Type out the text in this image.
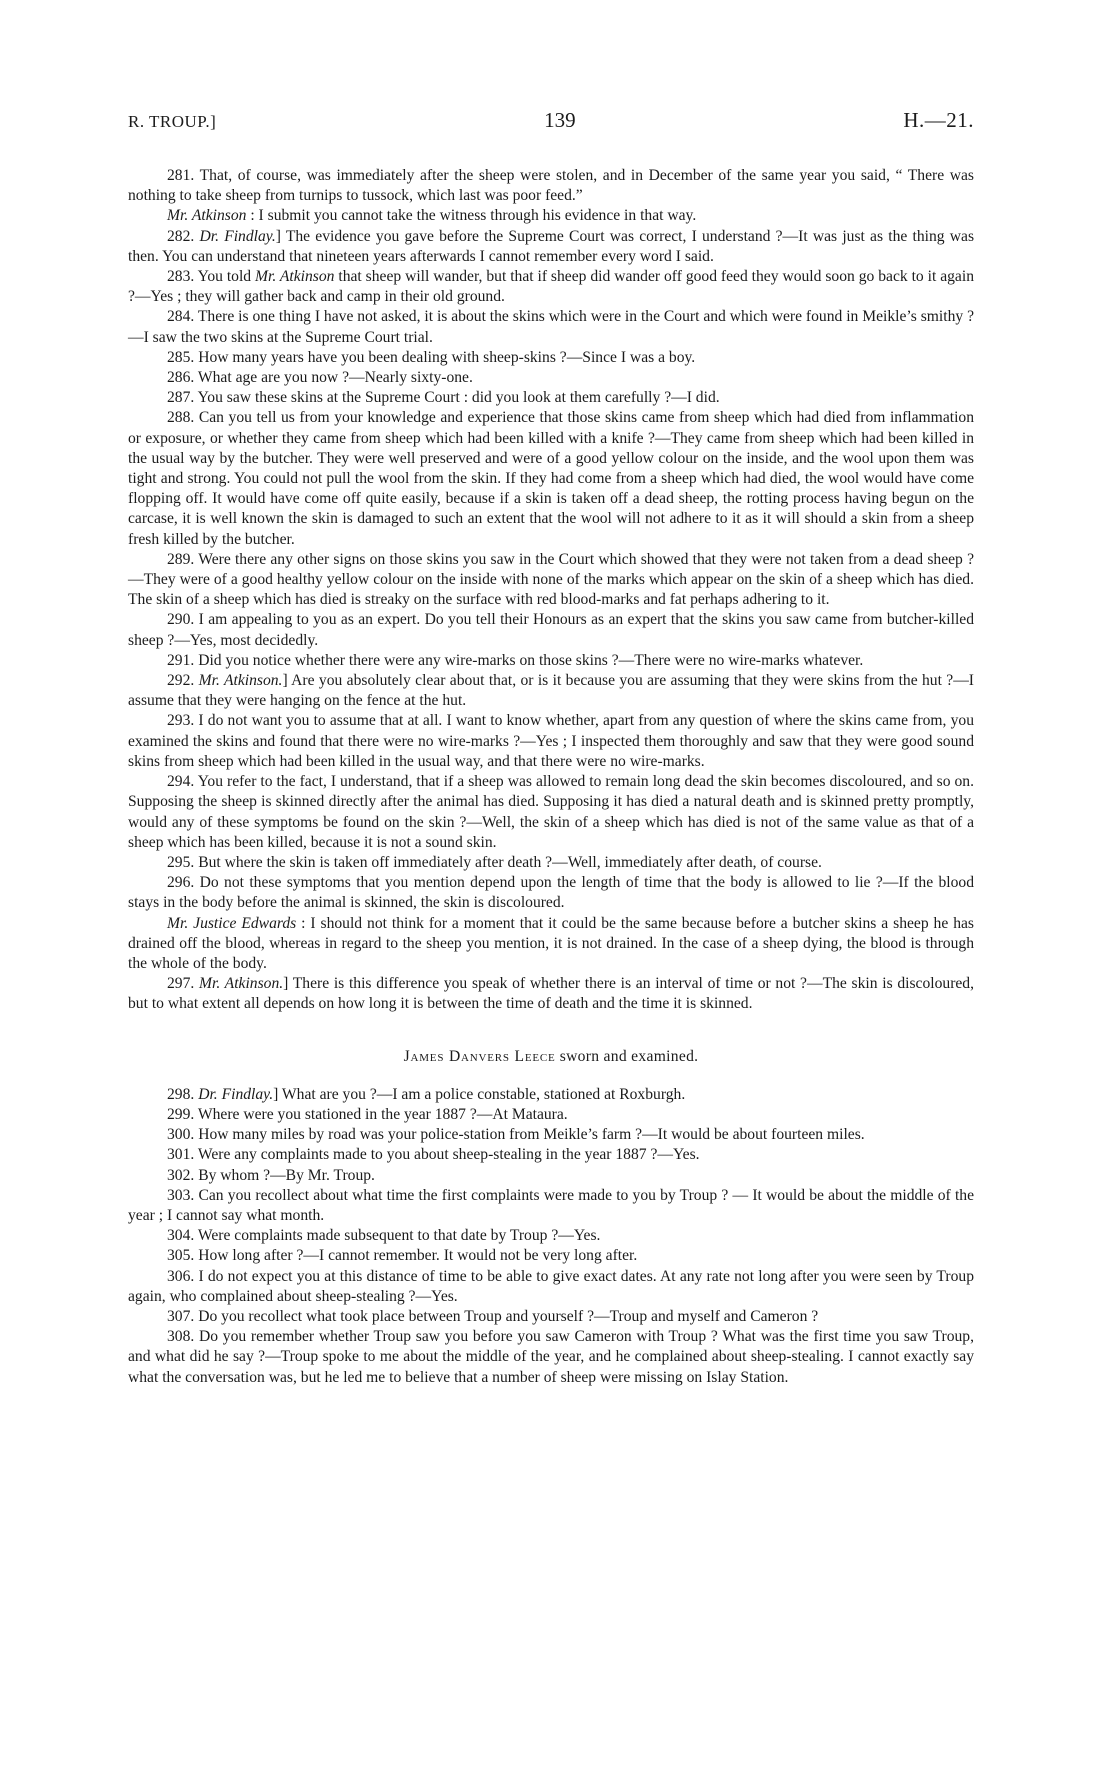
R. TROUP.]	139	H.—21.

281. That, of course, was immediately after the sheep were stolen, and in December of the same year you said, “ There was nothing to take sheep from turnips to tussock, which last was poor feed.”

Mr. Atkinson : I submit you cannot take the witness through his evidence in that way.

282. Dr. Findlay.] The evidence you gave before the Supreme Court was correct, I understand ?—It was just as the thing was then. You can understand that nineteen years afterwards I cannot remember every word I said.

283. You told Mr. Atkinson that sheep will wander, but that if sheep did wander off good feed they would soon go back to it again ?—Yes ; they will gather back and camp in their old ground.

284. There is one thing I have not asked, it is about the skins which were in the Court and which were found in Meikle’s smithy ?—I saw the two skins at the Supreme Court trial.

285. How many years have you been dealing with sheep-skins ?—Since I was a boy.

286. What age are you now ?—Nearly sixty-one.

287. You saw these skins at the Supreme Court : did you look at them carefully ?—I did.

288. Can you tell us from your knowledge and experience that those skins came from sheep which had died from inflammation or exposure, or whether they came from sheep which had been killed with a knife ?—They came from sheep which had been killed in the usual way by the butcher. They were well preserved and were of a good yellow colour on the inside, and the wool upon them was tight and strong. You could not pull the wool from the skin. If they had come from a sheep which had died, the wool would have come flopping off. It would have come off quite easily, because if a skin is taken off a dead sheep, the rotting process having begun on the carcase, it is well known the skin is damaged to such an extent that the wool will not adhere to it as it will should a skin from a sheep fresh killed by the butcher.

289. Were there any other signs on those skins you saw in the Court which showed that they were not taken from a dead sheep ?—They were of a good healthy yellow colour on the inside with none of the marks which appear on the skin of a sheep which has died. The skin of a sheep which has died is streaky on the surface with red blood-marks and fat perhaps adhering to it.

290. I am appealing to you as an expert. Do you tell their Honours as an expert that the skins you saw came from butcher-killed sheep ?—Yes, most decidedly.

291. Did you notice whether there were any wire-marks on those skins ?—There were no wire-marks whatever.

292. Mr. Atkinson.] Are you absolutely clear about that, or is it because you are assuming that they were skins from the hut ?—I assume that they were hanging on the fence at the hut.

293. I do not want you to assume that at all. I want to know whether, apart from any question of where the skins came from, you examined the skins and found that there were no wire-marks ?—Yes ; I inspected them thoroughly and saw that they were good sound skins from sheep which had been killed in the usual way, and that there were no wire-marks.

294. You refer to the fact, I understand, that if a sheep was allowed to remain long dead the skin becomes discoloured, and so on. Supposing the sheep is skinned directly after the animal has died. Supposing it has died a natural death and is skinned pretty promptly, would any of these symptoms be found on the skin ?—Well, the skin of a sheep which has died is not of the same value as that of a sheep which has been killed, because it is not a sound skin.

295. But where the skin is taken off immediately after death ?—Well, immediately after death, of course.

296. Do not these symptoms that you mention depend upon the length of time that the body is allowed to lie ?—If the blood stays in the body before the animal is skinned, the skin is discoloured.

Mr. Justice Edwards : I should not think for a moment that it could be the same because before a butcher skins a sheep he has drained off the blood, whereas in regard to the sheep you mention, it is not drained. In the case of a sheep dying, the blood is through the whole of the body.

297. Mr. Atkinson.] There is this difference you speak of whether there is an interval of time or not ?—The skin is discoloured, but to what extent all depends on how long it is between the time of death and the time it is skinned.

James Danvers Leece sworn and examined.

298. Dr. Findlay.] What are you ?—I am a police constable, stationed at Roxburgh.

299. Where were you stationed in the year 1887 ?—At Mataura.

300. How many miles by road was your police-station from Meikle’s farm ?—It would be about fourteen miles.

301. Were any complaints made to you about sheep-stealing in the year 1887 ?—Yes.

302. By whom ?—By Mr. Troup.

303. Can you recollect about what time the first complaints were made to you by Troup ? — It would be about the middle of the year ; I cannot say what month.

304. Were complaints made subsequent to that date by Troup ?—Yes.

305. How long after ?—I cannot remember. It would not be very long after.

306. I do not expect you at this distance of time to be able to give exact dates. At any rate not long after you were seen by Troup again, who complained about sheep-stealing ?—Yes.

307. Do you recollect what took place between Troup and yourself ?—Troup and myself and Cameron ?

308. Do you remember whether Troup saw you before you saw Cameron with Troup ? What was the first time you saw Troup, and what did he say ?—Troup spoke to me about the middle of the year, and he complained about sheep-stealing. I cannot exactly say what the conversation was, but he led me to believe that a number of sheep were missing on Islay Station.
